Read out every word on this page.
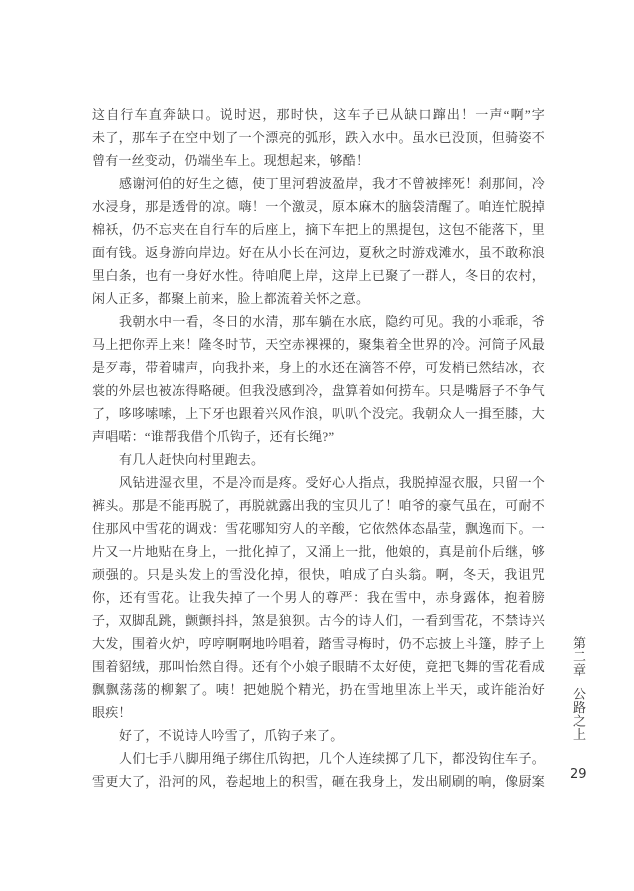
这自行车直奔缺口。说时迟，那时快，这车子已从缺口蹿出！一声“啊”字
未了，那车子在空中划了一个漂亮的弧形，跌入水中。虽水已没顶，但骑姿不
曾有一丝变动，仍端坐车上。现想起来，够酷！
感谢河伯的好生之德，使丁里河碧波盈岸，我才不曾被摔死！刹那间，冷
水浸身，那是透骨的凉。嗨！一个激灵，原本麻木的脑袋清醒了。咱连忙脱掉
棉袄，仍不忘夹在自行车的后座上，摘下车把上的黑提包，这包不能落下，里
面有钱。返身游向岸边。好在从小长在河边，夏秋之时游戏滩水，虽不敢称浪
里白条，也有一身好水性。待咱爬上岸，这岸上已聚了一群人，冬日的农村，
闲人正多，都聚上前来，脸上都流着关怀之意。
我朝水中一看，冬日的水清，那车躺在水底，隐约可见。我的小乖乖，爷
马上把你弄上来！隆冬时节，天空赤裸裸的，聚集着全世界的冷。河筒子风最
是歹毒，带着啸声，向我扑来，身上的水还在滴答不停，可发梢已然结冰，衣
裳的外层也被冻得略硬。但我没感到冷，盘算着如何捞车。只是嘴唇子不争气
了，哆哆嗦嗦，上下牙也跟着兴风作浪，叭叭个没完。我朝众人一揖至膝，大
声唱喏：“谁帮我借个爪钩子，还有长绳?”
有几人赶快向村里跑去。
风钻进湿衣里，不是冷而是疼。受好心人指点，我脱掉湿衣服，只留一个
裤头。那是不能再脱了，再脱就露出我的宝贝儿了！咱爷的豪气虽在，可耐不
住那风中雪花的调戏：雪花哪知穷人的辛酸，它依然体态晶莹，飘逸而下。一
片又一片地贴在身上，一批化掉了，又涌上一批，他娘的，真是前仆后继，够
顽强的。只是头发上的雪没化掉，很快，咱成了白头翁。啊，冬天，我诅咒
你，还有雪花。让我失掉了一个男人的尊严：我在雪中，赤身露体，抱着膀
子，双脚乱跳，颤颤抖抖，煞是狼狈。古今的诗人们，一看到雪花，不禁诗兴
大发，围着火炉，哼哼啊啊地吟唱着，踏雪寻梅时，仍不忘披上斗篷，脖子上
围着貂绒，那叫怡然自得。还有个小娘子眼睛不太好使，竟把飞舞的雪花看成
飘飘荡荡的柳絮了。咦！把她脱个精光，扔在雪地里冻上半天，或许能治好
眼疾！
好了，不说诗人吟雪了，爪钩子来了。
人们七手八脚用绳子绑住爪钩把，几个人连续掷了几下，都没钩住车子。
雪更大了，沿河的风，卷起地上的积雪，砸在我身上，发出刷刷的响，像厨案
第二章
公路之上
29
